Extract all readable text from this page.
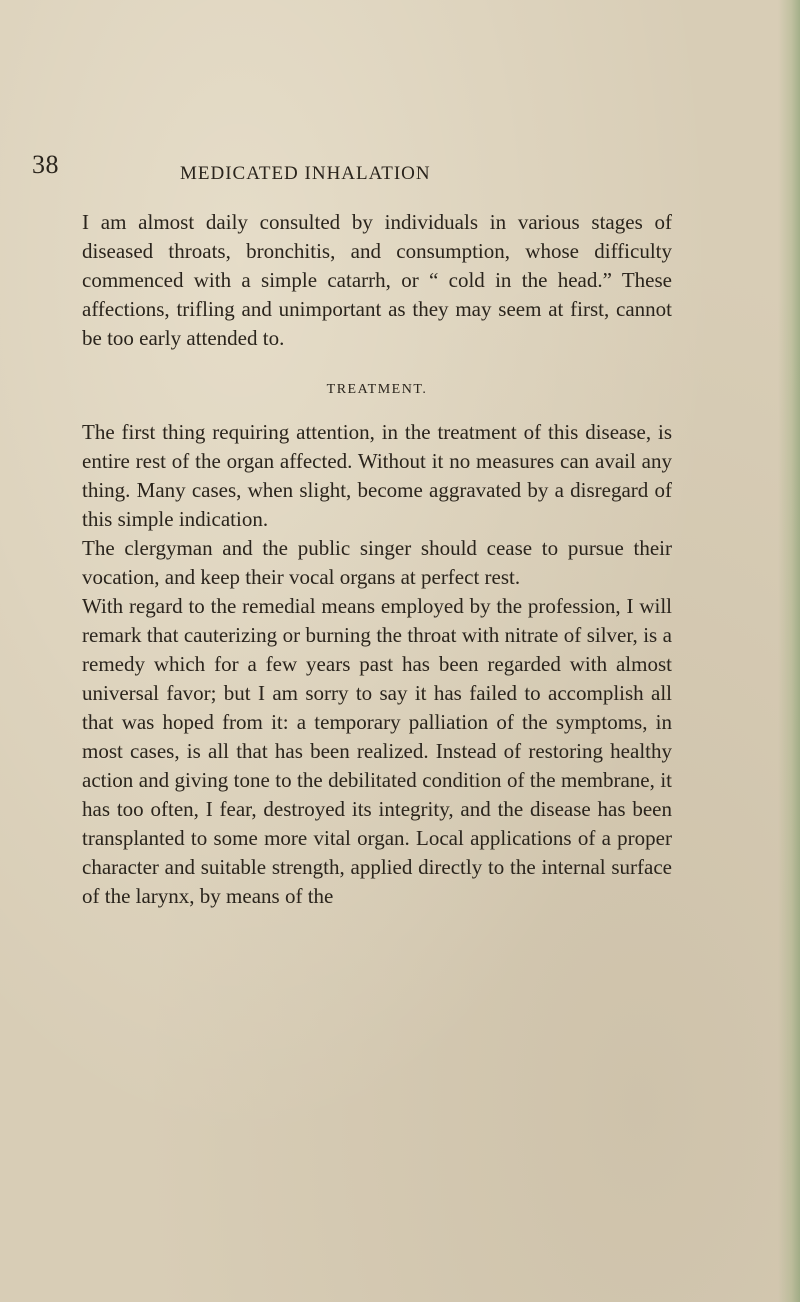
38	MEDICATED INHALATION

I am almost daily consulted by individuals in various stages of diseased throats, bronchitis, and consumption, whose difficulty commenced with a simple catarrh, or “ cold in the head.” These affections, trifling and unimportant as they may seem at first, cannot be too early attended to.

TREATMENT.

The first thing requiring attention, in the treatment of this disease, is entire rest of the organ affected. Without it no measures can avail any thing. Many cases, when slight, become aggravated by a disregard of this simple indication.

The clergyman and the public singer should cease to pursue their vocation, and keep their vocal organs at perfect rest.

With regard to the remedial means employed by the profession, I will remark that cauterizing or burning the throat with nitrate of silver, is a remedy which for a few years past has been regarded with almost universal favor; but I am sorry to say it has failed to accomplish all that was hoped from it: a temporary palliation of the symptoms, in most cases, is all that has been realized. Instead of restoring healthy action and giving tone to the debilitated condition of the membrane, it has too often, I fear, destroyed its integrity, and the disease has been transplanted to some more vital organ. Local applications of a proper character and suitable strength, applied directly to the internal surface of the larynx, by means of the
